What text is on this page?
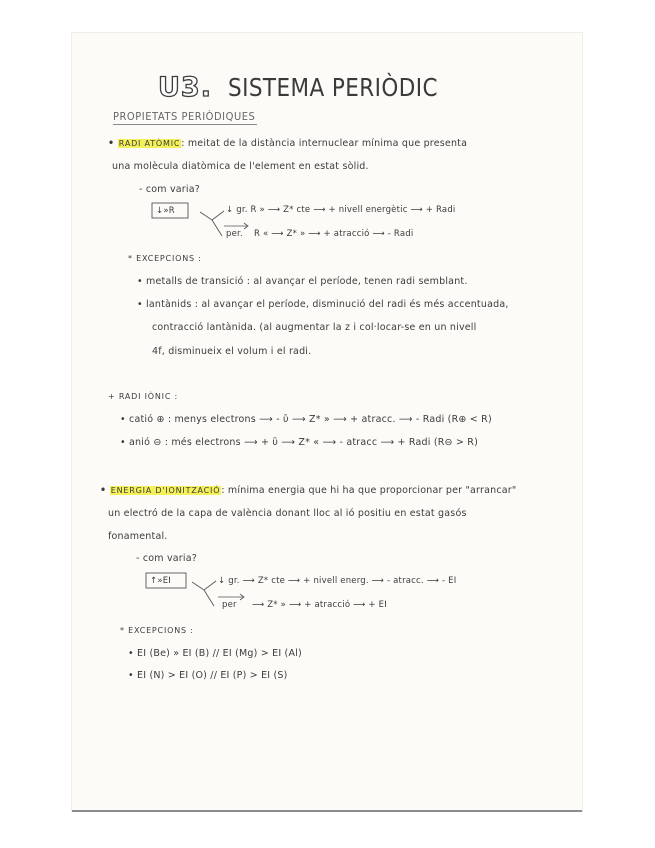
U3. SISTEMA PERIÒDIC
PROPIETATS PERIÒDIQUES
• RADI ATÒMIC: meitat de la distància internuclear mínima que presenta
una molècula diatòmica de l'element en estat sòlid.
- com varia?
↓»R	↓ gr. R » ⟶ Z* cte ⟶ + nivell energètic ⟶ + Radi
per. R « ⟶ Z* » ⟶ + atracció ⟶ - Radi
* EXCEPCIONS :
• metalls de transició : al avançar el període, tenen radi semblant.
• lantànids : al avançar el període, disminució del radi és més accentuada,
contracció lantànida. (al augmentar la z i col·locar-se en un nivell
4f, disminueix el volum i el radi.
+ RADI IÒNIC :
• catió ⊕ : menys electrons ⟶ - ῡ ⟶ Z* » ⟶ + atracc. ⟶ - Radi (R⊕ < R)
• anió ⊖ : més electrons ⟶ + ῡ ⟶ Z* « ⟶ - atracc ⟶ + Radi (R⊖ > R)
• ENERGIA D'IONITZACIÓ: mínima energia que hi ha que proporcionar per "arrancar"
un electró de la capa de valència donant lloc al ió positiu en estat gasós
fonamental.
- com varia?
↑»EI	↓ gr. ⟶ Z* cte ⟶ + nivell energ. ⟶ - atracc. ⟶ - EI
per ⟶ Z* » ⟶ + atracció ⟶ + EI
* EXCEPCIONS :
• EI (Be) » EI (B) // EI (Mg) > EI (Al)
• EI (N) > EI (O) // EI (P) > EI (S)
